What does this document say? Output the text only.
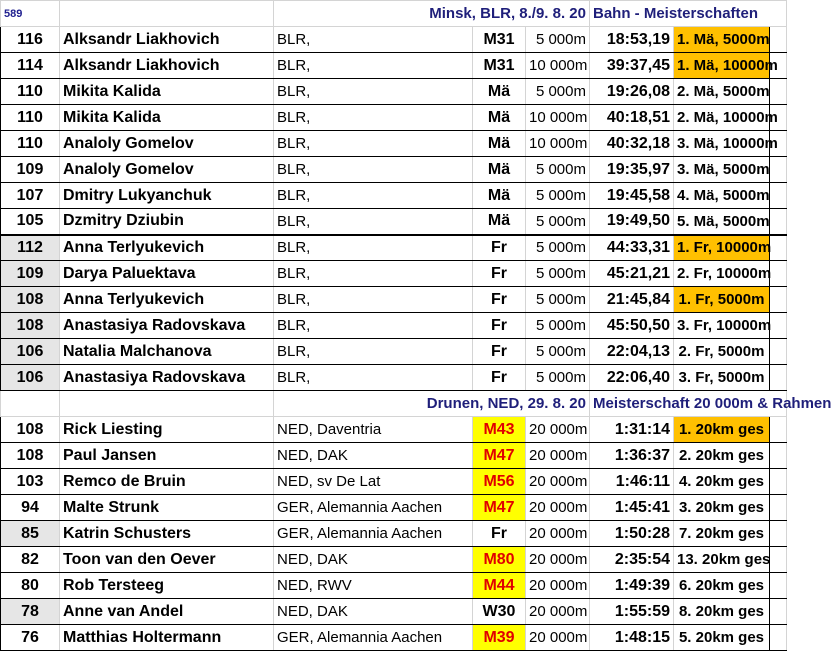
589		Minsk, BLR, 8./9. 8. 20			Bahn - Meisterschaften		
116	Alksandr Liakhovich	BLR,	M31	5 000m	18:53,19	1. Mä, 5000m	
114	Alksandr Liakhovich	BLR,	M31	10 000m	39:37,45	1. Mä, 10000m	
110	Mikita Kalida	BLR,	Mä	5 000m	19:26,08	2. Mä, 5000m	
110	Mikita Kalida	BLR,	Mä	10 000m	40:18,51	2. Mä, 10000m	
110	Analoly Gomelov	BLR,	Mä	10 000m	40:32,18	3. Mä, 10000m	
109	Analoly Gomelov	BLR,	Mä	5 000m	19:35,97	3. Mä, 5000m	
107	Dmitry Lukyanchuk	BLR,	Mä	5 000m	19:45,58	4. Mä, 5000m	
105	Dzmitry Dziubin	BLR,	Mä	5 000m	19:49,50	5. Mä, 5000m	
112	Anna Terlyukevich	BLR,	Fr	5 000m	44:33,31	1. Fr, 10000m	
109	Darya Paluektava	BLR,	Fr	5 000m	45:21,21	2. Fr, 10000m	
108	Anna Terlyukevich	BLR,	Fr	5 000m	21:45,84	1. Fr, 5000m	
108	Anastasiya Radovskava	BLR,	Fr	5 000m	45:50,50	3. Fr, 10000m	
106	Natalia Malchanova	BLR,	Fr	5 000m	22:04,13	2. Fr, 5000m	
106	Anastasiya Radovskava	BLR,	Fr	5 000m	22:06,40	3. Fr, 5000m	
		Drunen, NED, 29. 8. 20			Meisterschaft 20 000m & Rahmen		
108	Rick Liesting	NED, Daventria	M43	20 000m	1:31:14	1. 20km ges	
108	Paul Jansen	NED, DAK	M47	20 000m	1:36:37	2. 20km ges	
103	Remco de Bruin	NED, sv De Lat	M56	20 000m	1:46:11	4. 20km ges	
94	Malte Strunk	GER, Alemannia Aachen	M47	20 000m	1:45:41	3. 20km ges	
85	Katrin Schusters	GER, Alemannia Aachen	Fr	20 000m	1:50:28	7. 20km ges	
82	Toon van den Oever	NED, DAK	M80	20 000m	2:35:54	13. 20km ges	
80	Rob Tersteeg	NED, RWV	M44	20 000m	1:49:39	6. 20km ges	
78	Anne van Andel	NED, DAK	W30	20 000m	1:55:59	8. 20km ges	
76	Matthias Holtermann	GER, Alemannia Aachen	M39	20 000m	1:48:15	5. 20km ges	
